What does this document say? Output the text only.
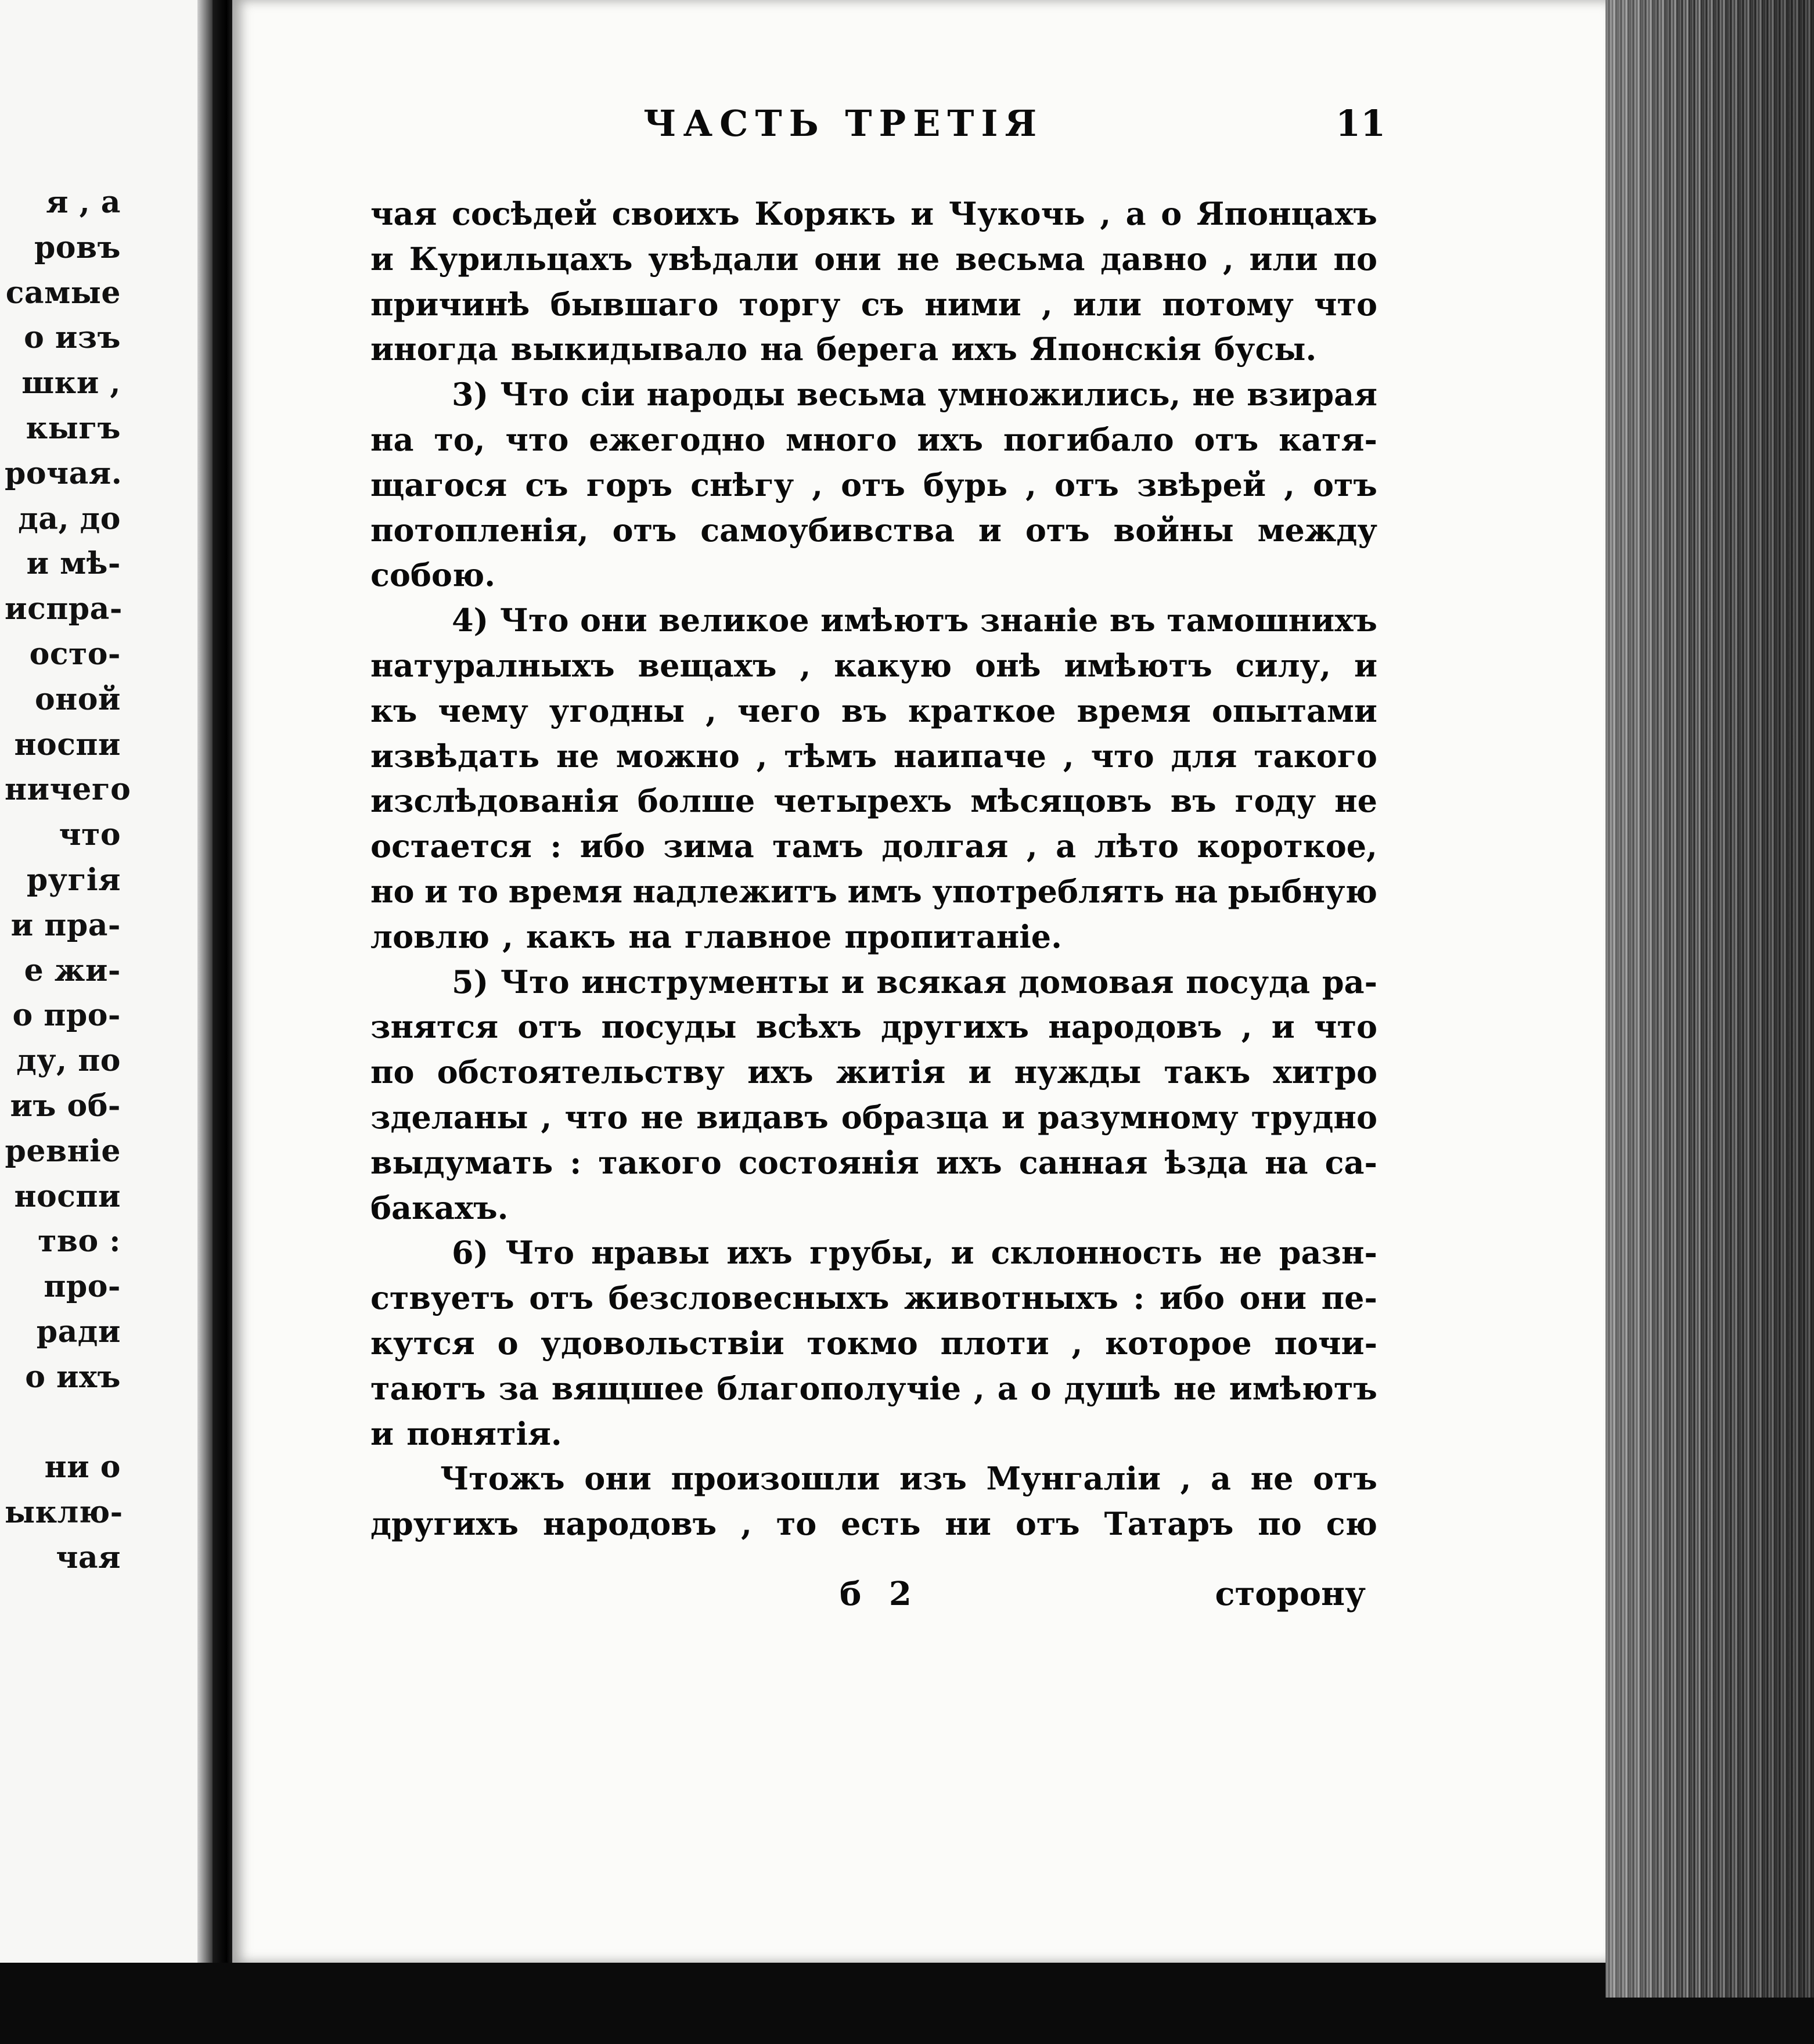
я , а
ровъ
самые
о изъ
шки ,
кыгъ
рочая.
да, до
и мѣ-
испра-
осто-
оной
носпи
ничего
что
ругія
и пра-
е жи-
о про-
ду, по
иъ об-
ревніе
носпи
тво :
про-
ради
о ихъ
ни о
ыклю-
чая
ЧАСТЬ ТРЕТІЯ	11
чая сосѣдей своихъ Корякъ и Чукочь , а о Японцахъ
и Курильцахъ увѣдали они не весьма давно , или по
причинѣ бывшаго торгу съ ними , или потому что
иногда выкидывало на берега ихъ Японскія бусы.
3) Что сіи народы весьма умножились, не взирая
на то, что ежегодно много ихъ погибало отъ катя-
щагося съ горъ снѣгу , отъ бурь , отъ звѣрей , отъ
потопленія, отъ самоубивства и отъ войны между
собою.
4) Что они великое имѣютъ знаніе въ тамошнихъ
натуралныхъ вещахъ , какую онѣ имѣютъ силу, и
къ чему угодны , чего въ краткое время опытами
извѣдать не можно , тѣмъ наипаче , что для такого
изслѣдованія болше четырехъ мѣсяцовъ въ году не
остается : ибо зима тамъ долгая , а лѣто короткое,
но и то время надлежитъ имъ употреблять на рыбную
ловлю , какъ на главное пропитаніе.
5) Что инструменты и всякая домовая посуда ра-
знятся отъ посуды всѣхъ другихъ народовъ , и что
по обстоятельству ихъ житія и нужды такъ хитро
зделаны , что не видавъ образца и разумному трудно
выдумать : такого состоянія ихъ санная ѣзда на са-
бакахъ.
6) Что нравы ихъ грубы, и склонность не разн-
ствуетъ отъ безсловесныхъ животныхъ : ибо они пе-
кутся о удовольствіи токмо плоти , которое почи-
таютъ за вящшее благополучіе , а о душѣ не имѣютъ
и понятія.
Чтожъ они произошли изъ Мунгаліи , а не отъ
другихъ народовъ , то есть ни отъ Татаръ по сю
б 2	сторону
